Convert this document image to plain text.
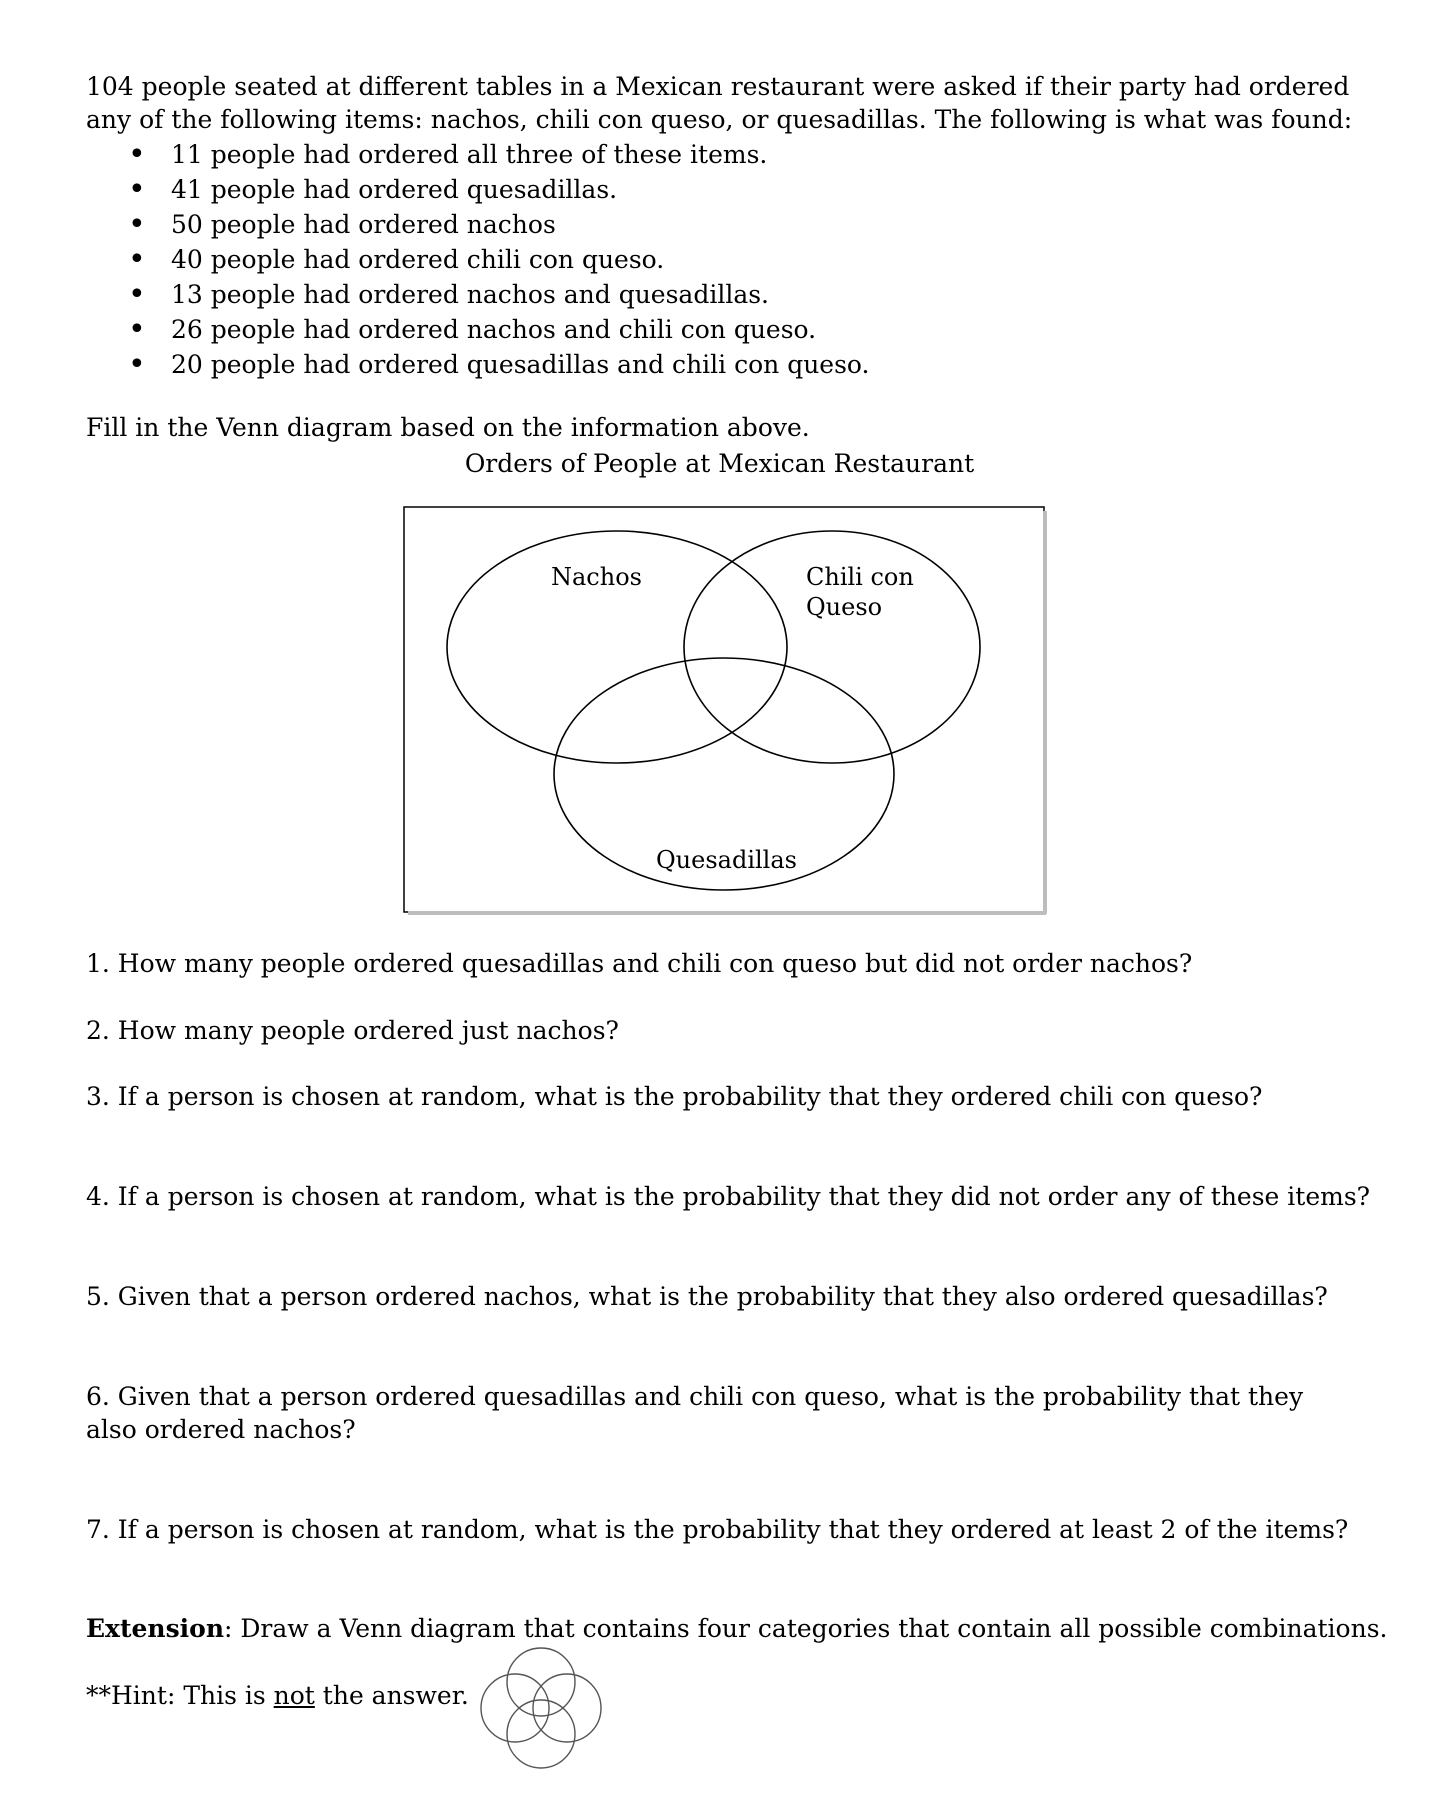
104 people seated at different tables in a Mexican restaurant were asked if their party had ordered any of the following items: nachos, chili con queso, or quesadillas. The following is what was found:
• 11 people had ordered all three of these items.
• 41 people had ordered quesadillas.
• 50 people had ordered nachos
• 40 people had ordered chili con queso.
• 13 people had ordered nachos and quesadillas.
• 26 people had ordered nachos and chili con queso.
• 20 people had ordered quesadillas and chili con queso.
Fill in the Venn diagram based on the information above.
Orders of People at Mexican Restaurant
Nachos	Chili con
Queso
Quesadillas
1. How many people ordered quesadillas and chili con queso but did not order nachos?
2. How many people ordered just nachos?
3. If a person is chosen at random, what is the probability that they ordered chili con queso?
4. If a person is chosen at random, what is the probability that they did not order any of these items?
5. Given that a person ordered nachos, what is the probability that they also ordered quesadillas?
6. Given that a person ordered quesadillas and chili con queso, what is the probability that they also ordered nachos?
7. If a person is chosen at random, what is the probability that they ordered at least 2 of the items?
Extension: Draw a Venn diagram that contains four categories that contain all possible combinations.
**Hint: This is not the answer.
